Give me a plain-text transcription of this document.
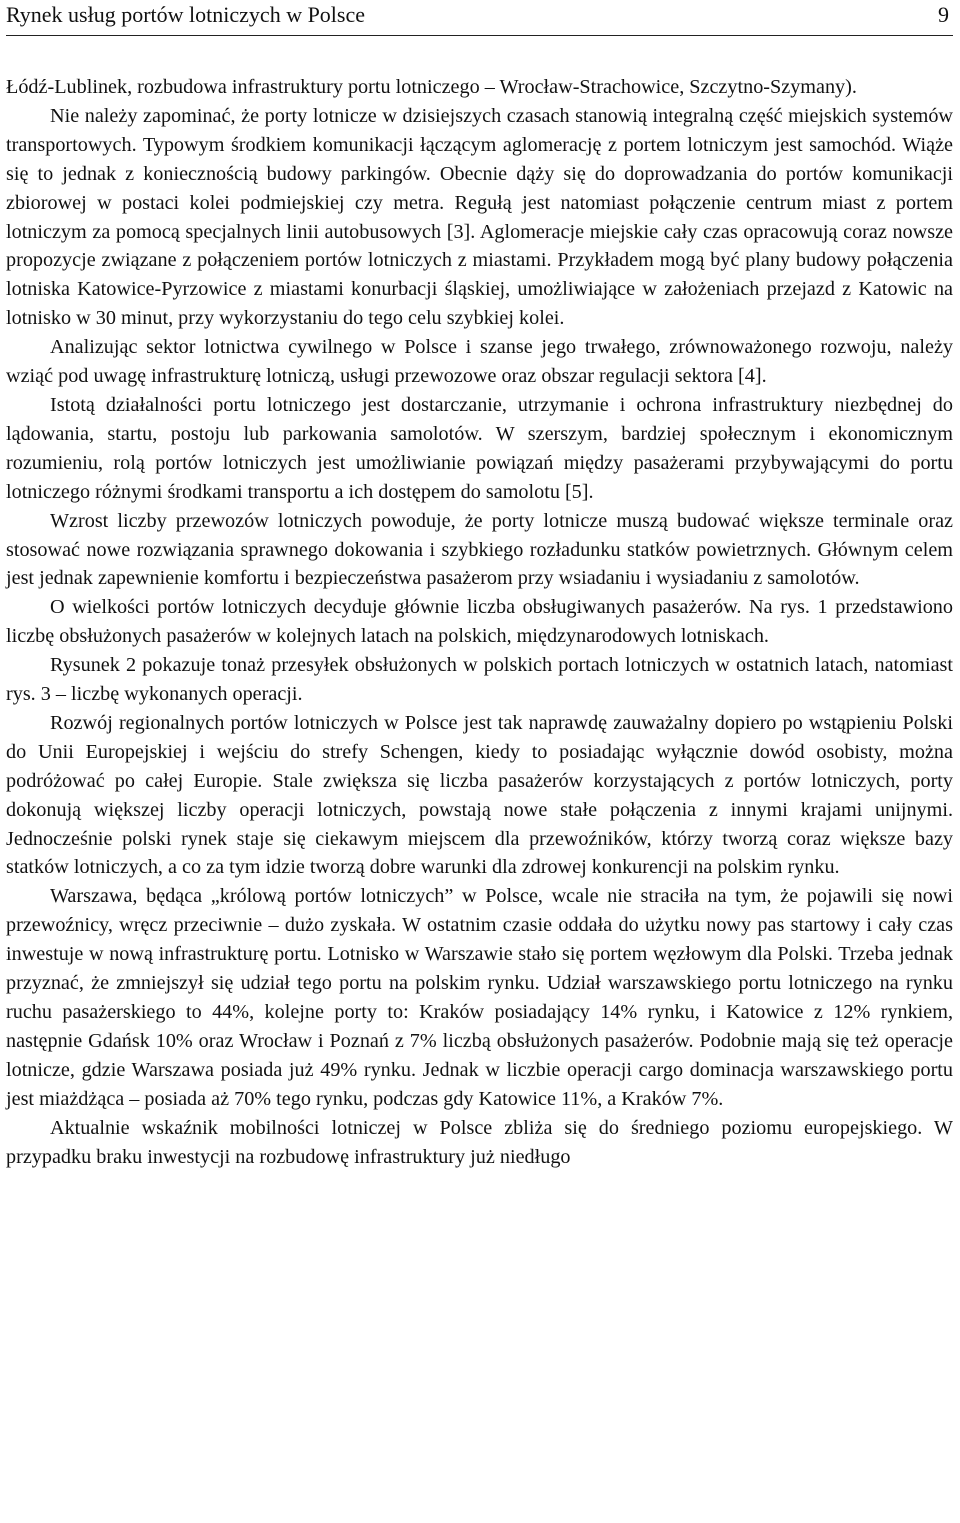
Rynek usług portów lotniczych w Polsce	9

Łódź-Lublinek, rozbudowa infrastruktury portu lotniczego – Wrocław-Strachowice, Szczytno-Szymany).

Nie należy zapominać, że porty lotnicze w dzisiejszych czasach stanowią integralną część miejskich systemów transportowych. Typowym środkiem komunikacji łączącym aglomerację z portem lotniczym jest samochód. Wiąże się to jednak z koniecznością budowy parkingów. Obecnie dąży się do doprowadzania do portów komunikacji zbiorowej w postaci kolei podmiejskiej czy metra. Regułą jest natomiast połączenie centrum miast z portem lotniczym za pomocą specjalnych linii autobusowych [3]. Aglomeracje miejskie cały czas opracowują coraz nowsze propozycje związane z połączeniem portów lotniczych z miastami. Przykładem mogą być plany budowy połączenia lotniska Katowice-Pyrzowice z miastami konurbacji śląskiej, umożliwiające w założeniach przejazd z Katowic na lotnisko w 30 minut, przy wykorzystaniu do tego celu szybkiej kolei.

Analizując sektor lotnictwa cywilnego w Polsce i szanse jego trwałego, zrównoważonego rozwoju, należy wziąć pod uwagę infrastrukturę lotniczą, usługi przewozowe oraz obszar regulacji sektora [4].

Istotą działalności portu lotniczego jest dostarczanie, utrzymanie i ochrona infrastruktury niezbędnej do lądowania, startu, postoju lub parkowania samolotów. W szerszym, bardziej społecznym i ekonomicznym rozumieniu, rolą portów lotniczych jest umożliwianie powiązań między pasażerami przybywającymi do portu lotniczego różnymi środkami transportu a ich dostępem do samolotu [5].

Wzrost liczby przewozów lotniczych powoduje, że porty lotnicze muszą budować większe terminale oraz stosować nowe rozwiązania sprawnego dokowania i szybkiego rozładunku statków powietrznych. Głównym celem jest jednak zapewnienie komfortu i bezpieczeństwa pasażerom przy wsiadaniu i wysiadaniu z samolotów.

O wielkości portów lotniczych decyduje głównie liczba obsługiwanych pasażerów. Na rys. 1 przedstawiono liczbę obsłużonych pasażerów w kolejnych latach na polskich, międzynarodowych lotniskach.

Rysunek 2 pokazuje tonaż przesyłek obsłużonych w polskich portach lotniczych w ostatnich latach, natomiast rys. 3 – liczbę wykonanych operacji.

Rozwój regionalnych portów lotniczych w Polsce jest tak naprawdę zauważalny dopiero po wstąpieniu Polski do Unii Europejskiej i wejściu do strefy Schengen, kiedy to posiadając wyłącznie dowód osobisty, można podróżować po całej Europie. Stale zwiększa się liczba pasażerów korzystających z portów lotniczych, porty dokonują większej liczby operacji lotniczych, powstają nowe stałe połączenia z innymi krajami unijnymi. Jednocześnie polski rynek staje się ciekawym miejscem dla przewoźników, którzy tworzą coraz większe bazy statków lotniczych, a co za tym idzie tworzą dobre warunki dla zdrowej konkurencji na polskim rynku.

Warszawa, będąca „królową portów lotniczych” w Polsce, wcale nie straciła na tym, że pojawili się nowi przewoźnicy, wręcz przeciwnie – dużo zyskała. W ostatnim czasie oddała do użytku nowy pas startowy i cały czas inwestuje w nową infrastrukturę portu. Lotnisko w Warszawie stało się portem węzłowym dla Polski. Trzeba jednak przyznać, że zmniejszył się udział tego portu na polskim rynku. Udział warszawskiego portu lotniczego na rynku ruchu pasażerskiego to 44%, kolejne porty to: Kraków posiadający 14% rynku, i Katowice z 12% rynkiem, następnie Gdańsk 10% oraz Wrocław i Poznań z 7% liczbą obsłużonych pasażerów. Podobnie mają się też operacje lotnicze, gdzie Warszawa posiada już 49% rynku. Jednak w liczbie operacji cargo dominacja warszawskiego portu jest miażdżąca – posiada aż 70% tego rynku, podczas gdy Katowice 11%, a Kraków 7%.

Aktualnie wskaźnik mobilności lotniczej w Polsce zbliża się do średniego poziomu europejskiego. W przypadku braku inwestycji na rozbudowę infrastruktury już niedługo
